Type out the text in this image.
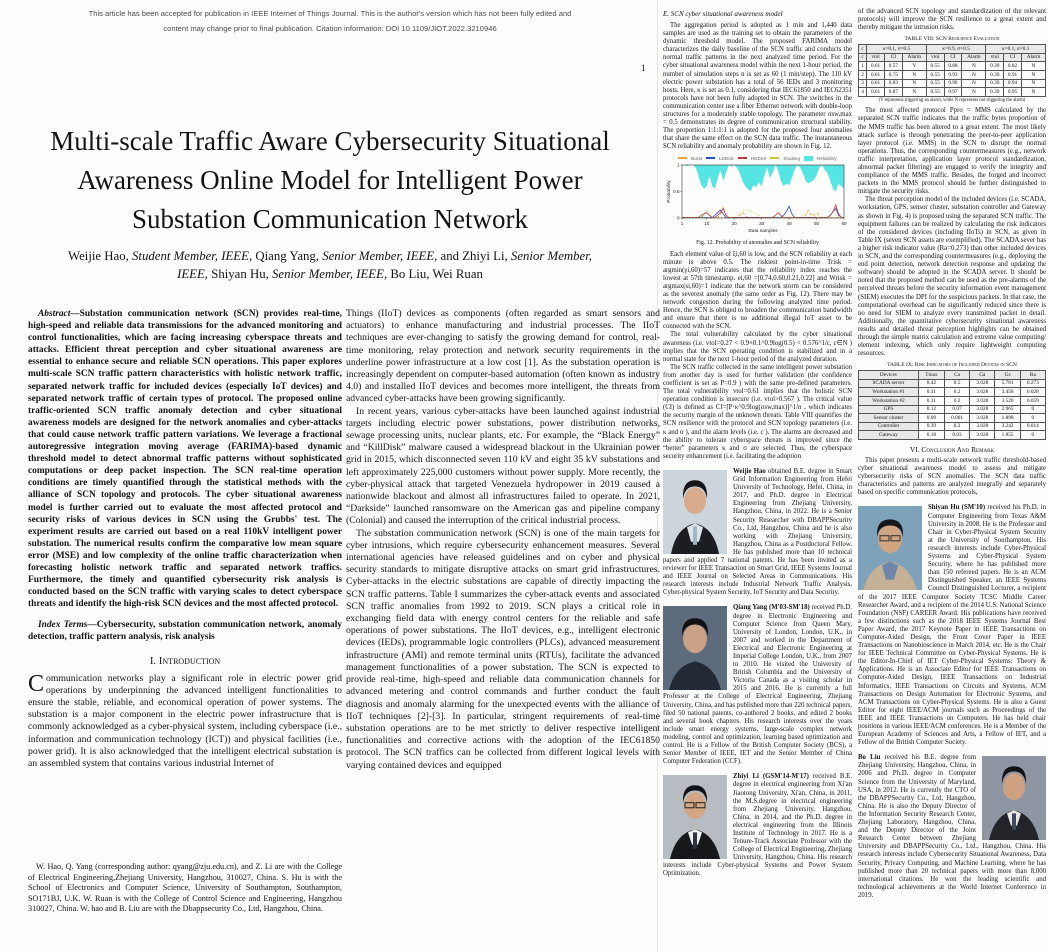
This article has been accepted for publication in IEEE Internet of Things Journal. This is the author's version which has not been fully edited and
content may change prior to final publication. Citation information: DOI 10.1109/JIOT.2022.3210946
1
Multi-scale Traffic Aware Cybersecurity Situational
Awareness Online Model for Intelligent Power
Substation Communication Network
Weijie Hao, Student Member, IEEE, Qiang Yang, Senior Member, IEEE, and Zhiyi Li, Senior Member,
IEEE, Shiyan Hu, Senior Member, IEEE, Bo Liu, Wei Ruan

Abstract—Substation communication network (SCN) provides real-time, high-speed and reliable data transmissions for the advanced monitoring and control functionalities, which are facing increasing cyberspace threats and attacks. Efficient threat perception and cyber situational awareness are essential to enhance secure and reliable SCN operations. This paper explores multi-scale SCN traffic pattern characteristics with holistic network traffic, separated network traffic for included devices (especially IoT devices) and separated network traffic of certain types of protocol. The proposed online traffic-oriented SCN traffic anomaly detection and cyber situational awareness models are designed for the network anomalies and cyber-attacks that could cause network traffic pattern variations. We leverage a fractional autoregressive integration moving average (FARIMA)-based dynamic threshold model to detect abnormal traffic patterns without sophisticated computations or deep packet inspection. The SCN real-time operation conditions are timely quantified through the statistical methods with the alliance of SCN topology and protocols. The cyber situational awareness model is further carried out to evaluate the most affected protocol and security risks of various devices in SCN using the Grubbs' test. The experiment results are carried out based on a real 110kV intelligent power substation. The numerical results confirm the comparative low mean square error (MSE) and low complexity of the online traffic characterization when forecasting holistic network traffic and separated network traffics. Furthermore, the timely and quantified cybersecurity risk analysis is conducted based on the SCN traffic with varying scales to detect cyberspace threats and identify the high-risk SCN devices and the most affected protocol.

Index Terms—Cybersecurity, substation communication network, anomaly detection, traffic pattern analysis, risk analysis

I. Introduction

Communication networks play a significant role in electric power grid operations by underpinning the advanced intelligent functionalities to ensure the stable, reliable, and economical operation of power systems. The substation is a major component in the electric power infrastructure that is commonly acknowledged as a cyber-physical system, including cyberspace (i.e., information and communication technology (ICT)) and physical facilities (i.e., power grid). It is also acknowledged that the intelligent electrical substation is an assembled system that contains various industrial Internet of

W. Hao, Q. Yang (corresponding author: qyang@zju.edu.cn), and Z. Li are with the College of Electrical Engineering,Zhejiang University, Hangzhou, 310027, China. S. Hu is with the School of Electronics and Computer Science, University of Southampton, Southampton, SO171BJ, U.K. W. Ruan is with the College of Control Science and Engineering, Hangzhou 310027, China. W. hao and B. Liu are with the Dbappsecurity Co., Ltd, Hangzhou, China.

Things (IIoT) devices as components (often regarded as smart sensors and actuators) to enhance manufacturing and industrial processes. The IIoT techniques are ever-changing to satisfy the growing demand for control, real-time monitoring, relay protection and network security requirements in the underline power infrastructure at a low cost [1]. As the substation operation is increasingly dependent on computer-based automation (often known as industry 4.0) and installed IIoT devices and becomes more intelligent, the threats from advanced cyber-attacks have been growing significantly.

In recent years, various cyber-attacks have been launched against industrial targets including electric power substations, power distribution networks, sewage processing units, nuclear plants, etc. For example, the “Black Energy” and “KillDisk” malware caused a widespread blackout in the Ukrainian power grid in 2015, which disconnected seven 110 kV and eight 35 kV substations and left approximately 225,000 customers without power supply. More recently, the cyber-physical attack that targeted Venezuela hydropower in 2019 caused a nationwide blackout and almost all infrastructures failed to operate. In 2021, “Darkside” launched ransomware on the American gas and pipeline company (Colonial) and caused the interruption of the critical industrial process.

The substation communication network (SCN) is one of the main targets for cyber intrusions, which require cybersecurity enhancement measures. Several international agencies have released guidelines and on cyber and physical security standards to mitigate disruptive attacks on smart grid infrastructures. Cyber-attacks in the electric substations are capable of directly impacting the SCN traffic patterns. Table I summarizes the cyber-attack events and associated SCN traffic anomalies from 1992 to 2019. SCN plays a critical role in exchanging field data with energy control centers for the reliable and safe operations of power substations. The IIoT devices, e.g., intelligent electronic devices (IEDs), programmable logic controllers (PLCs), advanced measurement infrastructure (AMI) and remote terminal units (RTUs), facilitate the advanced management functionalities of a power substation. The SCN is expected to provide real-time, high-speed and reliable data communication channels for advanced metering and control commands and further conduct the fault diagnosis and anomaly alarming for the unexpected events with the alliance of IIoT techniques [2]-[3]. In particular, stringent requirements of real-time substation operations are to be met strictly to deliver respective intelligent functionalities and corrective actions with the adoption of the IEC61850 protocol. The SCN traffics can be collected from different logical levels with varying contained devices and equipped

E. SCN cyber situational awareness model

The aggregation period is adopted as 1 min and 1,440 data samples are used as the training set to obtain the parameters of the dynamic threshold model. The proposed FARIMA model characterizes the daily baseline of the SCN traffic and conducts the normal traffic patterns in the next analyzed time period. For the cyber situational awareness model within the next 1-hour period, the number of simulation steps n is set as 60 (1 min/step). The 110 kV electric power substation has a total of 56 IEDs and 3 monitoring hosts. Here, κ is set as 0.1, considering that IEC61850 and IEC62351 protocols have not been fully adopted in SCN. The switches in the communication center use a fiber Ethernet network with double-loop structures for a moderately stable topology. The parameter σsw,max = 0.5 demonstrates its degree of communication structural stability. The proportion 1:1:1:1 is adopted for the proposed four anomalies that share the same effect on the SCN data traffic. The instantaneous SCN reliability and anomaly probability are shown in Fig. 12.

Burst	LDDoS	HDDoS	Shaking	Reliability
1	10	20	30	40	50	60
0
0.5
1
Data samples
Probability
Fig. 12. Probability of anomalies and SCN reliability

Each element value of ξi,60 is low, and the SCN reliability at each minute is above 0.5. The riskiest point-in-time Trisk = argmin(γi,60)=57 indicates that the reliability index reaches the lowest at 57th timestamp. ei,60 =[0.74,0.60,0.21,0.22] and Wrisk = argmax(si,60)=1 indicate that the network storm can be considered as the severest anomaly (the same order as Fig. 12). There may be network congestion during the following analyzed time period. Hence, the SCN is obliged to broaden the communication bandwidth and ensure that there is no additional illegal IoT asset to be connected with the SCN.

The total vulnerability calculated by the cyber situational awareness (i.e. vtol=0.27 < 0.9×0.1^0.9log(0.5) < 0.576^1/c, c∈N ) implies that the SCN operating condition is stabilized and in a normal state for the next 1-hour period of the analyzed duration.

The SCN traffic collected in the same intelligent power substation from another day is used for further validation (the confidence coefficient is set as P=0.9 ) with the same pre-defined parameters. The total vulnerability vtol=0.61 implies that the holistic SCN operation condition is insecure (i.e. vtol>0.567 ). The critical value (CI) is defined as CI=[P·κ^0.9log(σsw,max)]^1/n , which indicates the security margin of the unknown threats. Table VIII quantifies the SCN resilience with the protocol and SCN topology parameters (i.e. κ and σ ), and the alarm levels (i.e. c ). The alarms are decreased and the ability to tolerate cyberspace threats is improved since the “better” parameters κ and σ are selected. Thus, the cyberspace security enhancement (i.e. facilitating the adoption

Weijie Hao obtained B.E. degree in Smart Grid Information Engineering from Hefei University of Technology, Hefei, China, in 2017, and Ph.D. degree in Electrical Engineering from Zhejiang University, Hangzhou, China, in 2022. He is a Senior Security Researcher with DBAPPSecurity Co., Ltd, Hangzhou, China and he is also working with Zhejiang University, Hangzhou, China as a Postdoctoral Fellow. He has published more than 10 technical papers and applied 7 national patents. He has been invited as a reviewer for IEEE Transaction on Smart Grid, IEEE Systems Journal and IEEE Journal on Selected Areas in Communications. His research interests include Industrial Network Traffic Analysis, Cyber-physical System Security, IoT Security and Data Security.

Qiang Yang (M'03-SM'18) received Ph.D. degree in Electronic Engineering and Computer Science from Queen Mary, University of London, London, U.K., in 2007 and worked in the Department of Electrical and Electronic Engineering at Imperial College London, U.K., from 2007 to 2010. He visited the University of British Columbia and the University of Victoria Canada as a visiting scholar in 2015 and 2016. He is currently a full Professor at the College of Electrical Engineering, Zhejiang University, China, and has published more than 220 technical papers, filed 50 national patents, co-authored 2 books, and edited 2 books and several book chapters. His research interests over the years include smart energy systems, large-scale complex network modeling, control and optimization, learning based optimization and control. He is a Fellow of the British Computer Society (BCS), a Senior Member of IEEE, IET and the Senior Member of China Computer Federation (CCF).

Zhiyi Li (GSM'14-M'17) received B.E. degree in electrical engineering from Xi'an Jiaotong University, Xi'an, China, in 2011, the M.S.degree in electrical engineering from Zhejiang University, Hangzhou, China, in 2014, and the Ph.D. degree in electrical engineering from the Illinois Institute of Technology in 2017. He is a Tenure-Track Associate Professor with the College of Electrical Engineering, Zhejiang University, Hangzhou, China. His research interests include Cyber-physical Systems and Power System Optimization.

of the advanced SCN topology and standardization of the relevant protocols) will improve the SCN resilience to a great extent and thereby mitigate the intrusion risks.

TABLE VIII: SCN Resilience Evaluation
c	κ=0.1, σ=0.5			κ=0.9, σ=0.5			κ=0.1, σ=0.1		
c	vtol	CI	Alarm	vtol	CI	Alarm	vtol	CI	Alarm
1	0.61	0.57	Y	0.55	0.88	N	0.39	0.82	N
2	0.61	0.75	N	0.55	0.93	N	0.39	0.91	N
3	0.61	0.83	N	0.55	0.96	N	0.39	0.94	N
4	0.61	0.87	N	0.55	0.97	N	0.39	0.95	N
(Y represents triggering an alarm, while N represents not triggering the alarm)

The most affected protocol Ppro = MMS calculated by the separated SCN traffic indicates that the traffic bytes proportion of the MMS traffic has been altered to a great extent. The most likely attack surface is through penetrating the peer-to-peer application layer protocol (i.e. MMS) in the SCN to disrupt the normal operations. Thus, the corresponding countermeasures (e.g., network traffic interpretation, application layer protocol standardization, abnormal packet filtering) are engaged to verify the integrity and compliance of the MMS traffic. Besides, the forged and incorrect packets in the MMS protocol should be further distinguished to mitigate the security risks.

The threat perception model of the included devices (i.e. SCADA, workstation, GPS, sensor cluster, substation controller and Gateway as shown in Fig. 4) is proposed using the separated SCN traffic. The equipment failures can be realized by calculating the risk indicators of the considered devices (including IIoTs) in SCN, as given in Table IX (seven SCN assets are exemplified). The SCADA sever has a higher risk indicator value (Ra=0.273) than other included devices in SCN, and the corresponding countermeasures (e.g., deploying the end point detection, network detection response and updating the software) should be adopted in the SCADA server. It should be noted that the proposed method can be used as the pre-alarms of the perceived threats before the security information event management (SIEM) executes the DPI for the suspicious packets. In that case, the computational overhead can be significantly reduced since there is no need for SIEM to analyze every transmitted packet in detail. Additionally, the quantitative cybersecurity situational awareness results and detailed threat perception highlights can be obtained through the simple matrix calculation and extreme value computing/ element indexing, which only require lightweight computing resources.

TABLE IX: Risk Indicators of Included Devices in SCN
Devices	Tmax	Ca	Ga	Gs	Ra
SCADA server	0.42	0.5	3.028	5.781	0.273
Workstation #1	0.31	0.2	3.028	3.458	0.028
Workstation #2	0.31	0.2	3.028	3.520	0.059
GPS	0.12	0.07	3.028	2.965	0
Sensor cluster	0.09	0.001	3.028	1.898	0
Controller	0.39	0.2	3.028	3.242	0.014
Gateway	0.18	0.03	3.028	1.855	0
VI. Conclusion And Remark

This paper presents a multi-scale network traffic threshold-based cyber situational awareness model to assess and mitigate cybersecurity risks of SCN anomalies. The SCN data traffic characteristics and patterns are analyzed integrally and separately based on specific communication protocols,

Shiyan Hu (SM'10) received his Ph.D. in Computer Engineering from Texas A&M University in 2008. He is the Professor and Chair in Cyber-Physical System Security at the University of Southampton. His research interests include Cyber-Physical Systems and Cyber-Physical System Security, where he has published more than 150 refereed papers. He is an ACM Distinguished Speaker, an IEEE Systems Council Distinguished Lecturer, a recipient of the 2017 IEEE Computer Society TCSC Middle Career Researcher Award, and a recipient of the 2014 U.S. National Science Foundation (NSF) CAREER Award. His publications have received a few distinctions such as the 2018 IEEE Systems Journal Best Paper Award, the 2017 Keynote Paper in IEEE Transactions on Computer-Aided Design, the Front Cover Paper in IEEE Transactions on Nanobioscience in March 2014, etc. He is the Chair for IEEE Technical Committee on Cyber-Physical Systems. He is the Editor-In-Chief of IET Cyber-Physical Systems: Theory & Applications. He is an Associate Editor for IEEE Transactions on Computer-Aided Design, IEEE Transactions on Industrial Informatics, IEEE Transactions on Circuits and Systems, ACM Transactions on Design Automation for Electronic Systems, and ACM Transactions on Cyber-Physical Systems. He is also a Guest Editor for eight IEEE/ACM journals such as Proceedings of the IEEE and IEEE Transactions on Computers. He has held chair positions in various IEEE/ACM conferences. He is a Member of the European Academy of Sciences and Arts, a Fellow of IET, and a Fellow of the British Computer Society.

Bo Liu received his B.E. degree from Zhejiang University, Hangzhou, China, in 2006 and Ph.D. degree in Computer Science from the University of Maryland, USA, in 2012. He is currently the CTO of the DBAPPSecurity Co., Ltd, Hangzhou, China. He is also the Deputy Director of the Information Security Research Center, Zhejiang Laboratory, Hangzhou, China, and the Deputy Director of the Joint Research Center between Zhejiang University and DBAPPSecurity Co., Ltd., Hangzhou, China. His research interests include Cybersecurity Situational Awareness, Data Security, Privacy Computing, and Machine Learning, where he has published more than 20 technical papers with more than 8,000 international citations. He won the leading scientific and technological achievements at the World Internet Conference in 2019.
